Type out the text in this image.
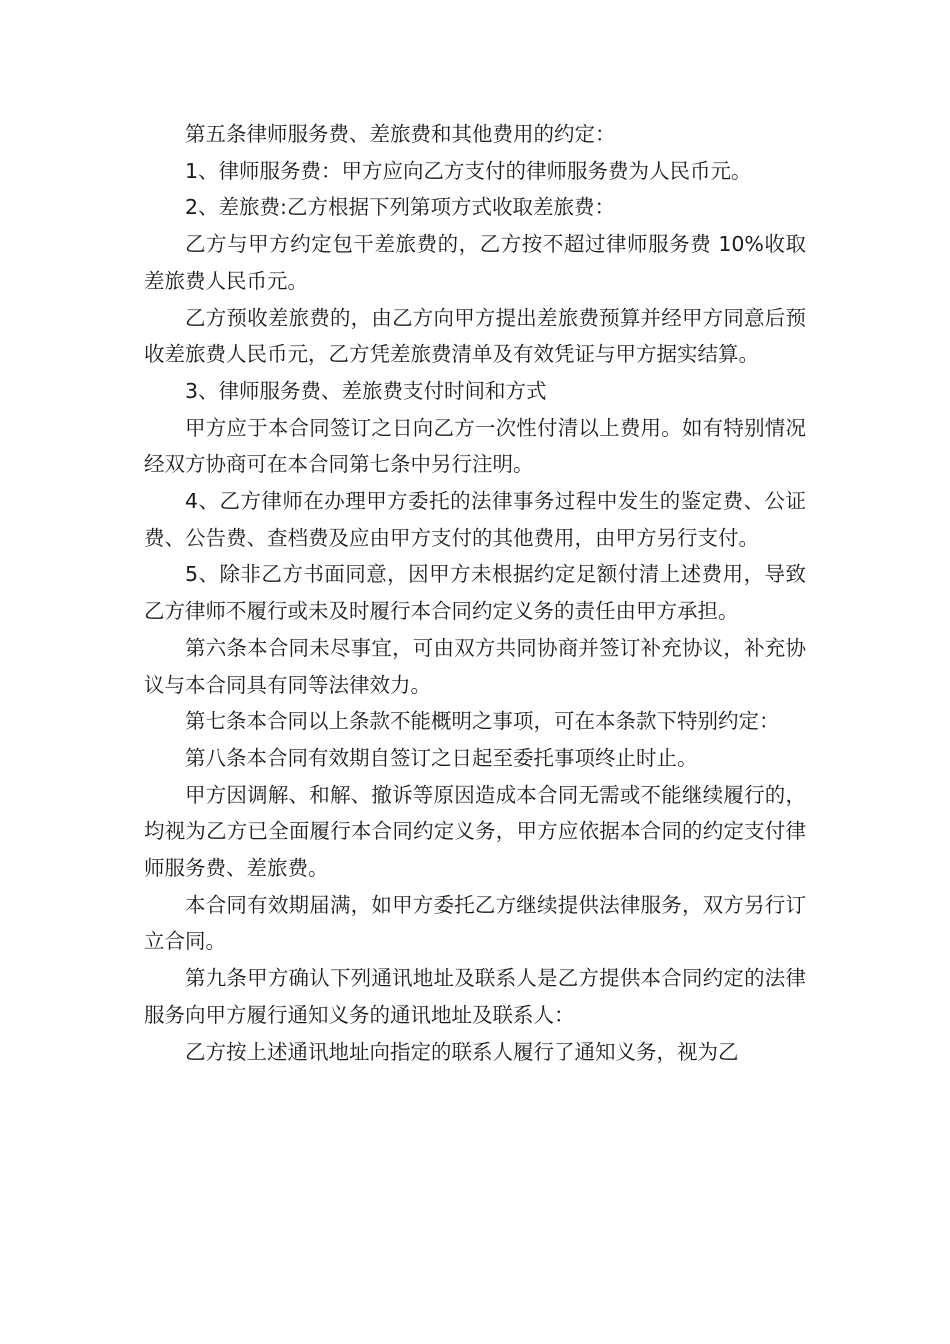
第五条律师服务费、差旅费和其他费用的约定：

1、律师服务费：甲方应向乙方支付的律师服务费为人民币元。

2、差旅费:乙方根据下列第项方式收取差旅费：

乙方与甲方约定包干差旅费的，乙方按不超过律师服务费 10%收取差旅费人民币元。

乙方预收差旅费的，由乙方向甲方提出差旅费预算并经甲方同意后预收差旅费人民币元，乙方凭差旅费清单及有效凭证与甲方据实结算。

3、律师服务费、差旅费支付时间和方式

甲方应于本合同签订之日向乙方一次性付清以上费用。如有特别情况经双方协商可在本合同第七条中另行注明。

4、乙方律师在办理甲方委托的法律事务过程中发生的鉴定费、公证费、公告费、查档费及应由甲方支付的其他费用，由甲方另行支付。

5、除非乙方书面同意，因甲方未根据约定足额付清上述费用，导致乙方律师不履行或未及时履行本合同约定义务的责任由甲方承担。

第六条本合同未尽事宜，可由双方共同协商并签订补充协议，补充协议与本合同具有同等法律效力。

第七条本合同以上条款不能概明之事项，可在本条款下特别约定：

第八条本合同有效期自签订之日起至委托事项终止时止。

甲方因调解、和解、撤诉等原因造成本合同无需或不能继续履行的，均视为乙方已全面履行本合同约定义务，甲方应依据本合同的约定支付律师服务费、差旅费。

本合同有效期届满，如甲方委托乙方继续提供法律服务，双方另行订立合同。

第九条甲方确认下列通讯地址及联系人是乙方提供本合同约定的法律服务向甲方履行通知义务的通讯地址及联系人：

乙方按上述通讯地址向指定的联系人履行了通知义务，视为乙
